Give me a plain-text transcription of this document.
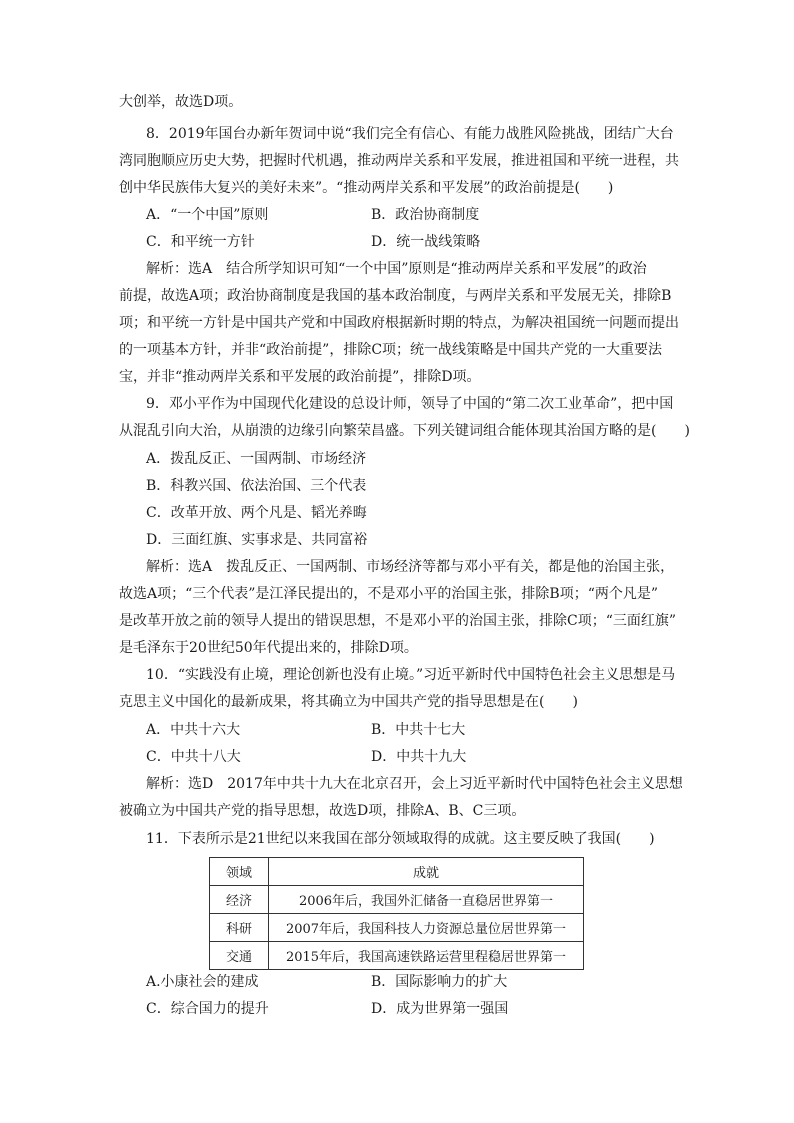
大创举，故选D项。
8．2019年国台办新年贺词中说“我们完全有信心、有能力战胜风险挑战，团结广大台
湾同胞顺应历史大势，把握时代机遇，推动两岸关系和平发展，推进祖国和平统一进程，共
创中华民族伟大复兴的美好未来”。“推动两岸关系和平发展”的政治前提是(　　)
A．“一个中国”原则	B．政治协商制度
C．和平统一方针	D．统一战线策略
解析：选A　结合所学知识可知“一个中国”原则是“推动两岸关系和平发展”的政治
前提，故选A项；政治协商制度是我国的基本政治制度，与两岸关系和平发展无关，排除B
项；和平统一方针是中国共产党和中国政府根据新时期的特点，为解决祖国统一问题而提出
的一项基本方针，并非“政治前提”，排除C项；统一战线策略是中国共产党的一大重要法
宝，并非“推动两岸关系和平发展的政治前提”，排除D项。
9．邓小平作为中国现代化建设的总设计师，领导了中国的“第二次工业革命”，把中国
从混乱引向大治，从崩溃的边缘引向繁荣昌盛。下列关键词组合能体现其治国方略的是(　　)
A．拨乱反正、一国两制、市场经济
B．科教兴国、依法治国、三个代表
C．改革开放、两个凡是、韬光养晦
D．三面红旗、实事求是、共同富裕
解析：选A　拨乱反正、一国两制、市场经济等都与邓小平有关，都是他的治国主张，
故选A项；“三个代表”是江泽民提出的，不是邓小平的治国主张，排除B项；“两个凡是”
是改革开放之前的领导人提出的错误思想，不是邓小平的治国主张，排除C项；“三面红旗”
是毛泽东于20世纪50年代提出来的，排除D项。
10．“实践没有止境，理论创新也没有止境。”习近平新时代中国特色社会主义思想是马
克思主义中国化的最新成果，将其确立为中国共产党的指导思想是在(　　)
A．中共十六大	B．中共十七大
C．中共十八大	D．中共十九大
解析：选D　2017年中共十九大在北京召开，会上习近平新时代中国特色社会主义思想
被确立为中国共产党的指导思想，故选D项，排除A、B、C三项。
11．下表所示是21世纪以来我国在部分领域取得的成就。这主要反映了我国(　　)
领域	成就
经济	2006年后，我国外汇储备一直稳居世界第一
科研	2007年后，我国科技人力资源总量位居世界第一
交通	2015年后，我国高速铁路运营里程稳居世界第一
A.小康社会的建成	B．国际影响力的扩大
C．综合国力的提升	D．成为世界第一强国
